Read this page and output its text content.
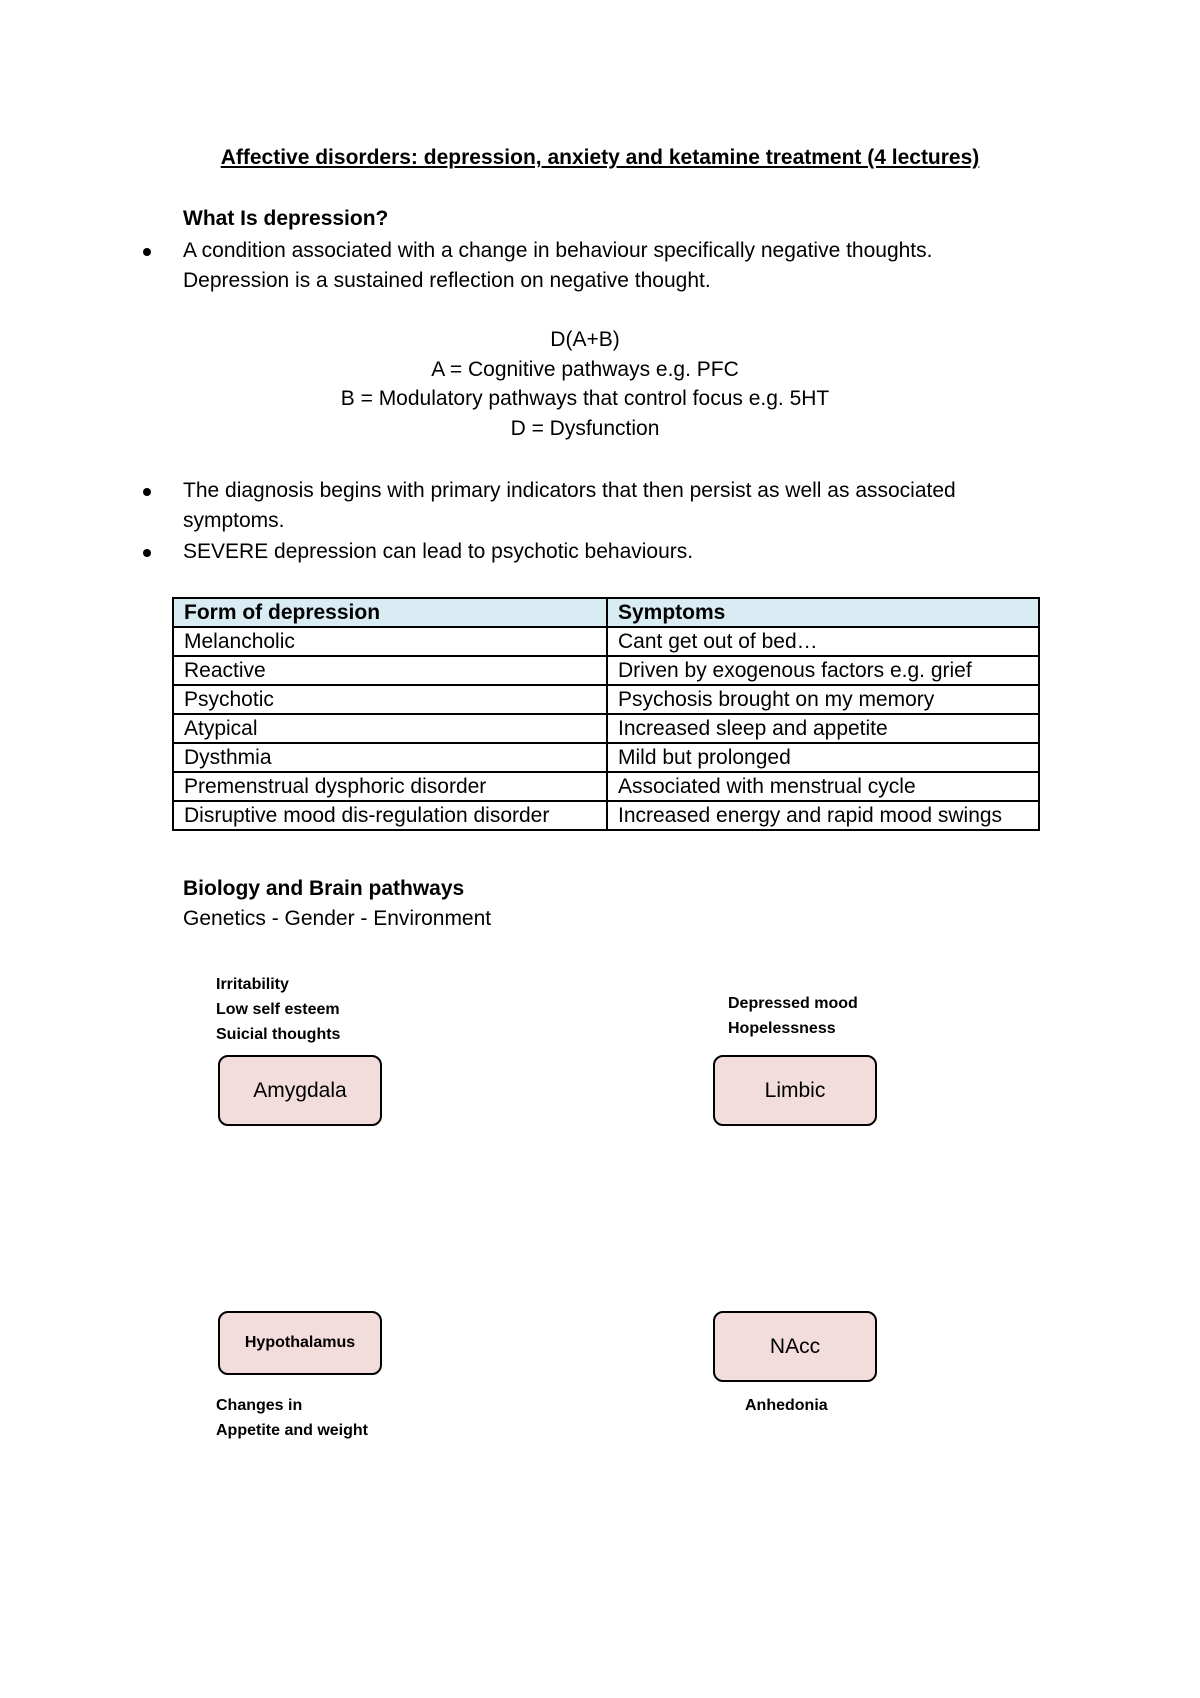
Affective disorders: depression, anxiety and ketamine treatment (4 lectures)
What Is depression?
A condition associated with a change in behaviour specifically negative thoughts.
Depression is a sustained reflection on negative thought.
D(A+B)
A = Cognitive pathways e.g. PFC
B = Modulatory pathways that control focus e.g. 5HT
D = Dysfunction
The diagnosis begins with primary indicators that then persist as well as associated
symptoms.
SEVERE depression can lead to psychotic behaviours.
Form of depression	Symptoms
Melancholic	Cant get out of bed…
Reactive	Driven by exogenous factors e.g. grief
Psychotic	Psychosis brought on my memory
Atypical	Increased sleep and appetite
Dysthmia	Mild but prolonged
Premenstrual dysphoric disorder	Associated with menstrual cycle
Disruptive mood dis-regulation disorder	Increased energy and rapid mood swings
Biology and Brain pathways
Genetics - Gender - Environment
Irritability
Low self esteem
Suicial thoughts
Amygdala
Depressed mood
Hopelessness
Limbic
Hypothalamus
Changes in
Appetite and weight
NAcc
Anhedonia
